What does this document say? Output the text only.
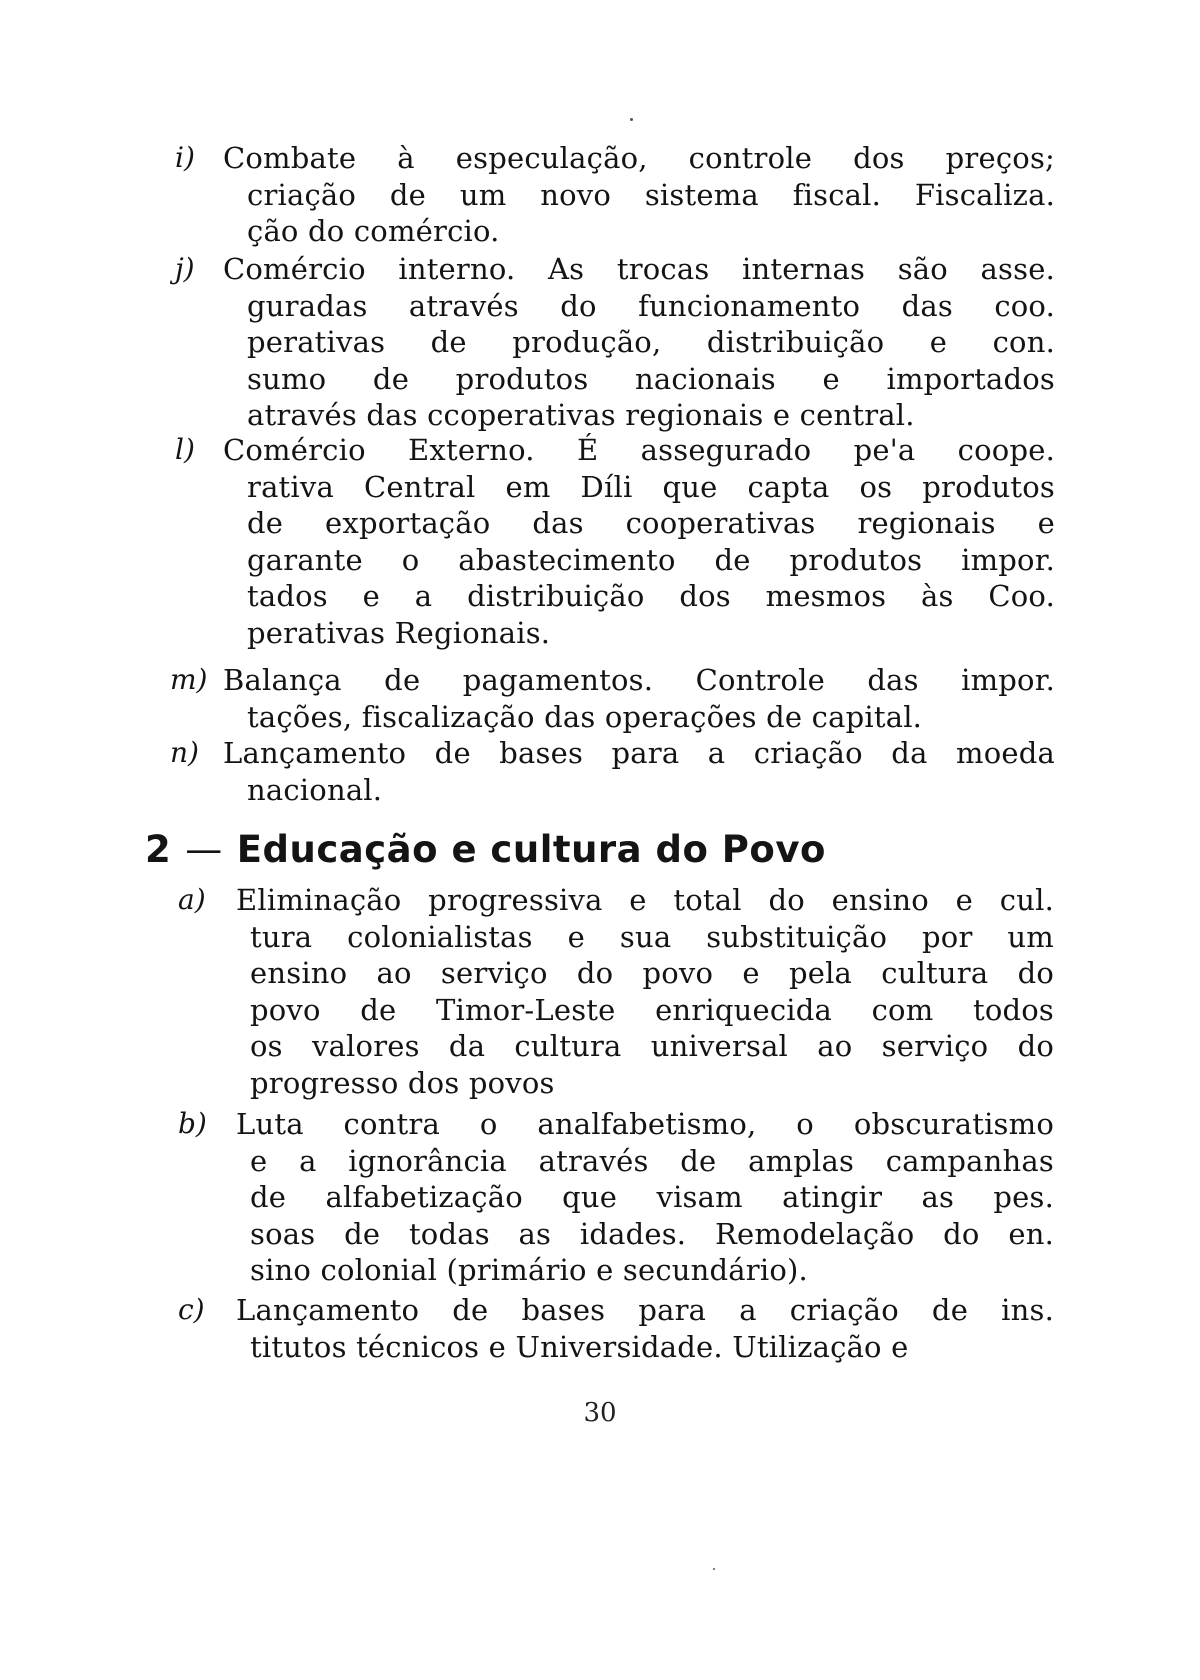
i) Combate à especulação, controle dos preços;
criação de um novo sistema fiscal. Fiscaliza.
ção do comércio.
j) Comércio interno. As trocas internas são asse.
guradas através do funcionamento das coo.
perativas de produção, distribuição e con.
sumo de produtos nacionais e importados
através das ccoperativas regionais e central.
l) Comércio Externo. É assegurado pe'a coope.
rativa Central em Díli que capta os produtos
de exportação das cooperativas regionais e
garante o abastecimento de produtos impor.
tados e a distribuição dos mesmos às Coo.
perativas Regionais.
m) Balança de pagamentos. Controle das impor.
tações, fiscalização das operações de capital.
n) Lançamento de bases para a criação da moeda
nacional.
2 — Educação e cultura do Povo
a)	Eliminação progressiva e total do ensino e cul.
tura colonialistas e sua substituição por um
ensino ao serviço do povo e pela cultura do
povo de Timor-Leste enriquecida com todos
os valores da cultura universal ao serviço do
progresso dos povos
b)	Luta contra o analfabetismo, o obscuratismo
e a ignorância através de amplas campanhas
de alfabetização que visam atingir as pes.
soas de todas as idades. Remodelação do en.
sino colonial (primário e secundário).
c)	Lançamento de bases para a criação de ins.
titutos técnicos e Universidade. Utilização e
30
